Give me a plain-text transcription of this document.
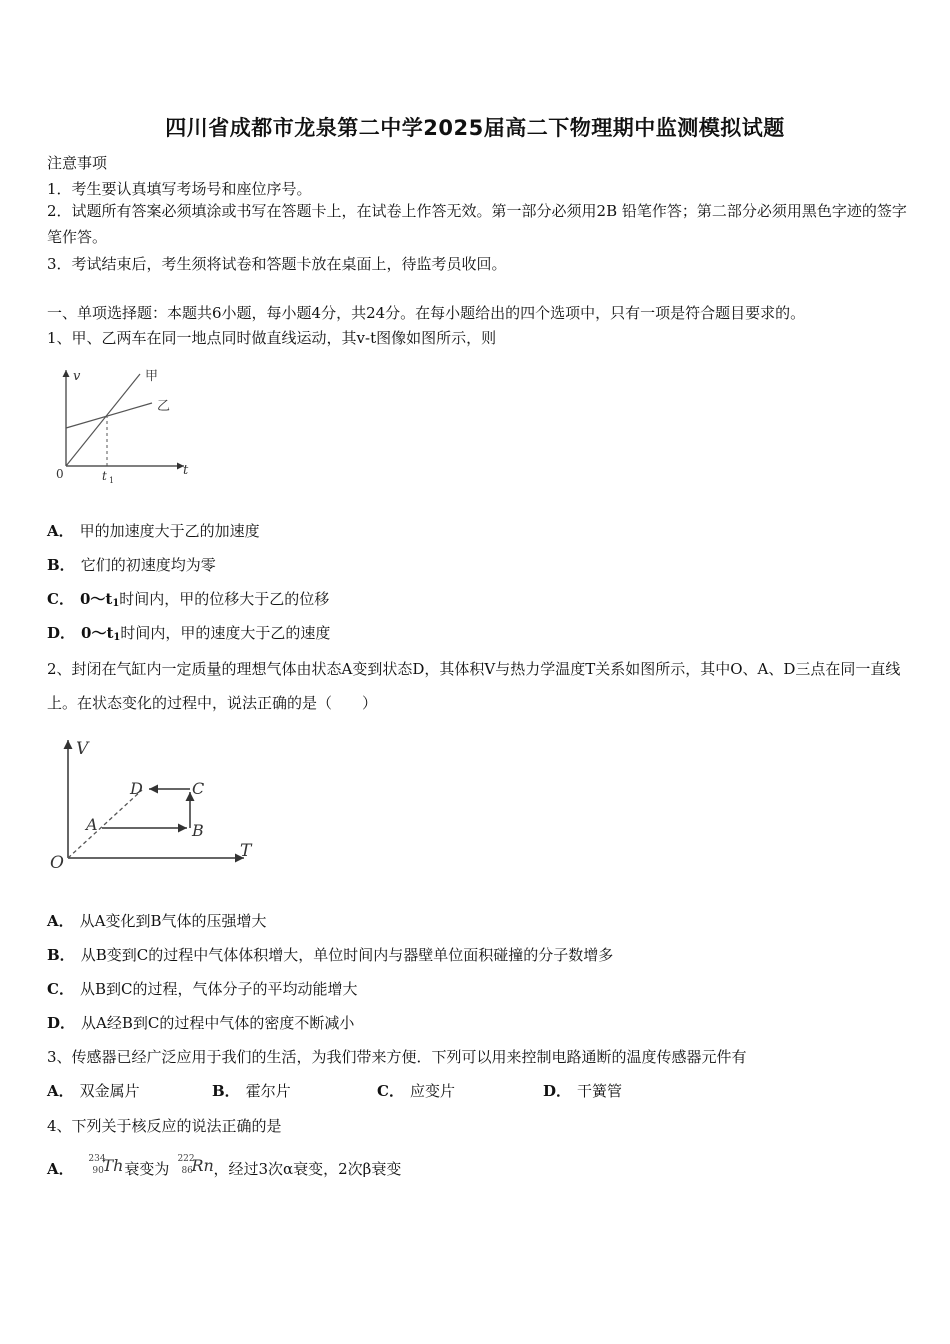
四川省成都市龙泉第二中学2025届高二下物理期中监测模拟试题
注意事项
1．考生要认真填写考场号和座位序号。
2．试题所有答案必须填涂或书写在答题卡上，在试卷上作答无效。第一部分必须用2B 铅笔作答；第二部分必须用黑色字迹的签字笔作答。
3．考试结束后，考生须将试卷和答题卡放在桌面上，待监考员收回。
一、单项选择题：本题共6小题，每小题4分，共24分。在每小题给出的四个选项中，只有一项是符合题目要求的。
1、甲、乙两车在同一地点同时做直线运动，其v-t图像如图所示，则
v
t
0	t 1
甲
乙
A． 甲的加速度大于乙的加速度
B． 它们的初速度均为零
C． $0\sim t_1$时间内，甲的位移大于乙的位移
D． $0\sim t_1$时间内，甲的速度大于乙的速度
2、封闭在气缸内一定质量的理想气体由状态A变到状态D，其体积V与热力学温度T关系如图所示，其中O、A、D三点在同一直线上。在状态变化的过程中，说法正确的是（　　）
V
T
O
A	B
C
D
A． 从A变化到B气体的压强增大
B． 从B变到C的过程中气体体积增大，单位时间内与器壁单位面积碰撞的分子数增多
C． 从B到C的过程，气体分子的平均动能增大
D． 从A经B到C的过程中气体的密度不断减小
3、传感器已经广泛应用于我们的生活，为我们带来方便．下列可以用来控制电路通断的温度传感器元件有
A． 双金属片	B． 霍尔片	C． 应变片	D． 干簧管
4、下列关于核反应的说法正确的是
A．
234
90
Th 衰变为
222
86
Rn ，经过3次α衰变，2次β衰变
